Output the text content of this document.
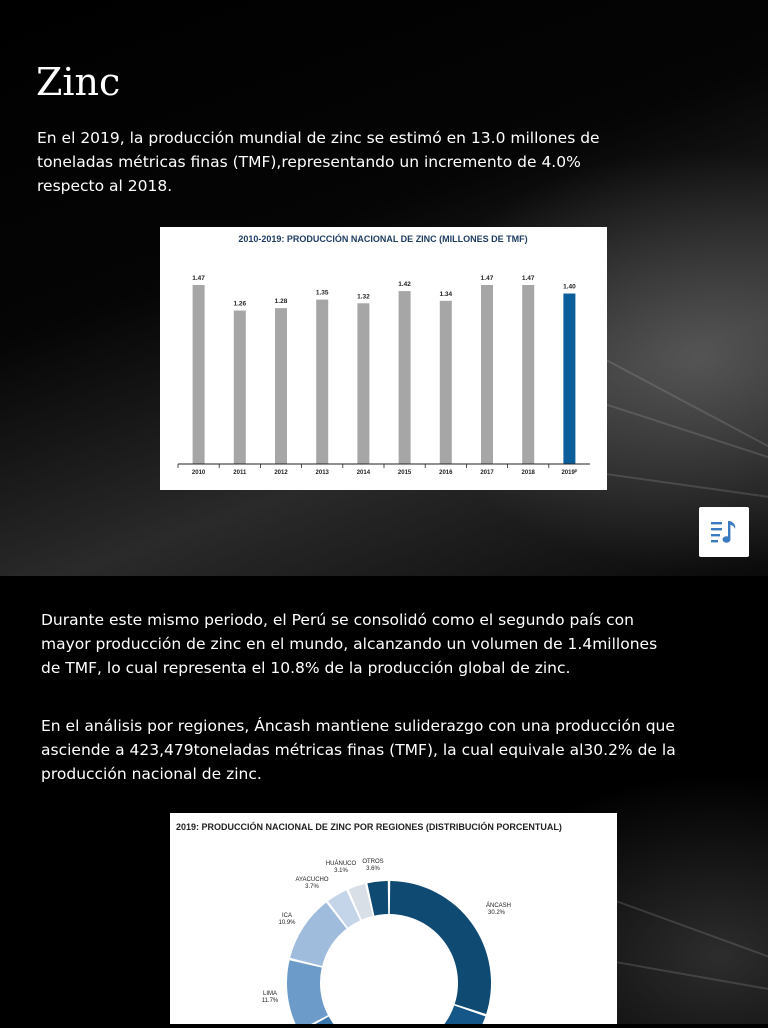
Zinc

En el 2019, la producción mundial de zinc se estimó en 13.0 millones de toneladas métricas finas (TMF),representando un incremento de 4.0% respecto al 2018.

2010-2019: PRODUCCIÓN NACIONAL DE ZINC (MILLONES DE TMF)
1.47
2010
1.26
2011
1.28
2012
1.35
2013
1.32
2014
1.42
2015
1.34
2016
1.47
2017
1.47
2018
1.40
2019ᴾ

Durante este mismo periodo, el Perú se consolidó como el segundo país con mayor producción de zinc en el mundo, alcanzando un volumen de 1.4millones de TMF, lo cual representa el 10.8% de la producción global de zinc.

En el análisis por regiones, Áncash mantiene suliderazgo con una producción que asciende a 423,479toneladas métricas finas (TMF), la cual equivale al30.2% de la producción nacional de zinc.

2019: PRODUCCIÓN NACIONAL DE ZINC POR REGIONES (DISTRIBUCIÓN PORCENTUAL)
ÁNCASH
30.2%
LIMA
11.7%
ICA
10.9%
AYACUCHO
3.7%
HUÁNUCO
3.1%
OTROS
3.6%
